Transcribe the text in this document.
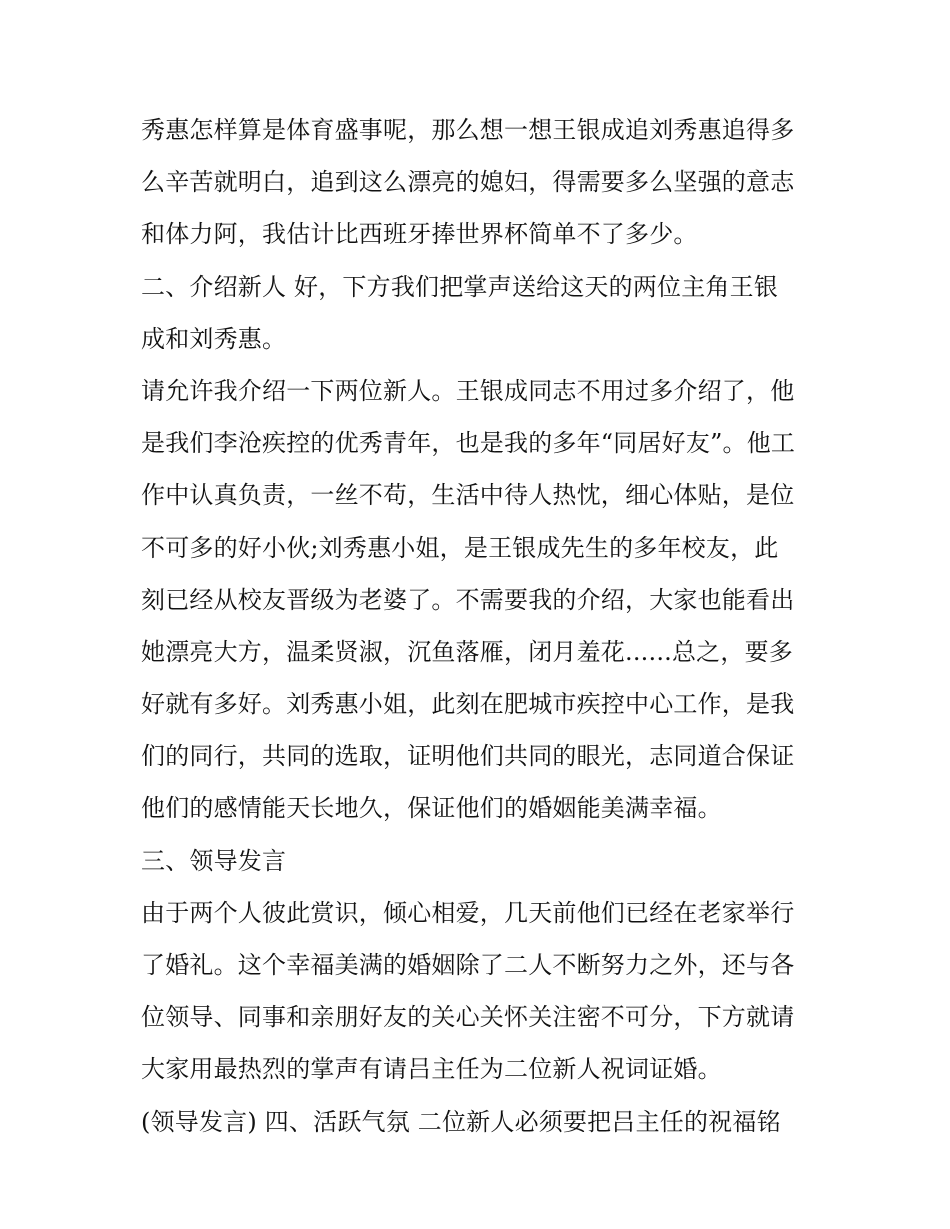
秀惠怎样算是体育盛事呢，那么想一想王银成追刘秀惠追得多
么辛苦就明白，追到这么漂亮的媳妇，得需要多么坚强的意志
和体力阿，我估计比西班牙捧世界杯简单不了多少。
二、介绍新人 好，下方我们把掌声送给这天的两位主角王银
成和刘秀惠。
请允许我介绍一下两位新人。王银成同志不用过多介绍了，他
是我们李沧疾控的优秀青年，也是我的多年“同居好友”。他工
作中认真负责，一丝不苟，生活中待人热忱，细心体贴，是位
不可多的好小伙;刘秀惠小姐，是王银成先生的多年校友，此
刻已经从校友晋级为老婆了。不需要我的介绍，大家也能看出
她漂亮大方，温柔贤淑，沉鱼落雁，闭月羞花......总之，要多
好就有多好。刘秀惠小姐，此刻在肥城市疾控中心工作，是我
们的同行，共同的选取，证明他们共同的眼光，志同道合保证
他们的感情能天长地久，保证他们的婚姻能美满幸福。
三、领导发言
由于两个人彼此赏识，倾心相爱，几天前他们已经在老家举行
了婚礼。这个幸福美满的婚姻除了二人不断努力之外，还与各
位领导、同事和亲朋好友的关心关怀关注密不可分，下方就请
大家用最热烈的掌声有请吕主任为二位新人祝词证婚。
(领导发言) 四、活跃气氛 二位新人必须要把吕主任的祝福铭
